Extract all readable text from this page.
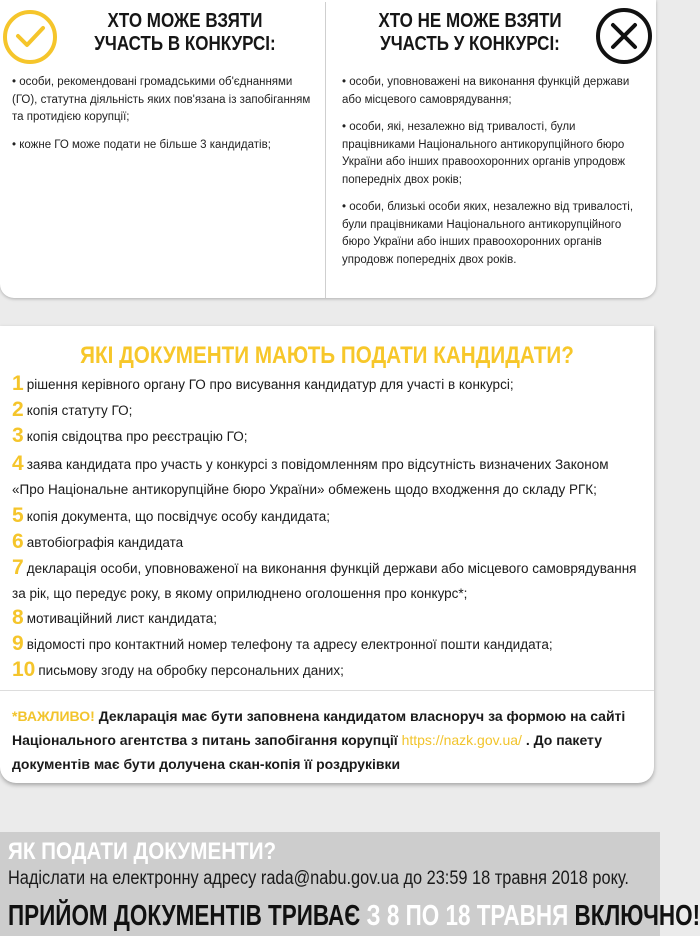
ХТО МОЖЕ ВЗЯТИ
УЧАСТЬ В КОНКУРСІ:

• особи, рекомендовані громадськими об'єднаннями (ГО), статутна діяльність яких пов'язана із запобіганням та протидією корупції;

• кожне ГО може подати не більше 3 кандидатів;

ХТО НЕ МОЖЕ ВЗЯТИ
УЧАСТЬ У КОНКУРСІ:

• особи, уповноважені на виконання функцій держави або місцевого самоврядування;

• особи, які, незалежно від тривалості, були працівниками Національного антикорупційного бюро України або інших правоохоронних органів упродовж попередніх двох років;

• особи, близькі особи яких, незалежно від тривалості, були працівниками Національного антикорупційного бюро України або інших правоохоронних органів упродовж попередніх двох років.

ЯКІ ДОКУМЕНТИ МАЮТЬ ПОДАТИ КАНДИДАТИ?
1 рішення керівного органу ГО про висування кандидатур для участі в конкурсі;
2 копія статуту ГО;
3 копія свідоцтва про реєстрацію ГО;
4 заява кандидата про участь у конкурсі з повідомленням про відсутність визначених Законом
«Про Національне антикорупційне бюро України» обмежень щодо входження до складу РГК;
5 копія документа, що посвідчує особу кандидата;
6 автобіографія кандидата
7 декларація особи, уповноваженої на виконання функцій держави або місцевого самоврядування
за рік, що передує року, в якому оприлюднено оголошення про конкурс*;
8 мотиваційний лист кандидата;
9 відомості про контактний номер телефону та адресу електронної пошти кандидата;
10 письмову згоду на обробку персональних даних;
*ВАЖЛИВО! Декларація має бути заповнена кандидатом власноруч за формою на сайті Національного агентства з питань запобігання корупції https://nazk.gov.ua/ . До пакету документів має бути долучена скан-копія її роздруківки
ЯК ПОДАТИ ДОКУМЕНТИ?
Надіслати на електронну адресу rada@nabu.gov.ua до 23:59 18 травня 2018 року.
ПРИЙОМ ДОКУМЕНТІВ ТРИВАЄ З 8 ПО 18 ТРАВНЯ ВКЛЮЧНО!
